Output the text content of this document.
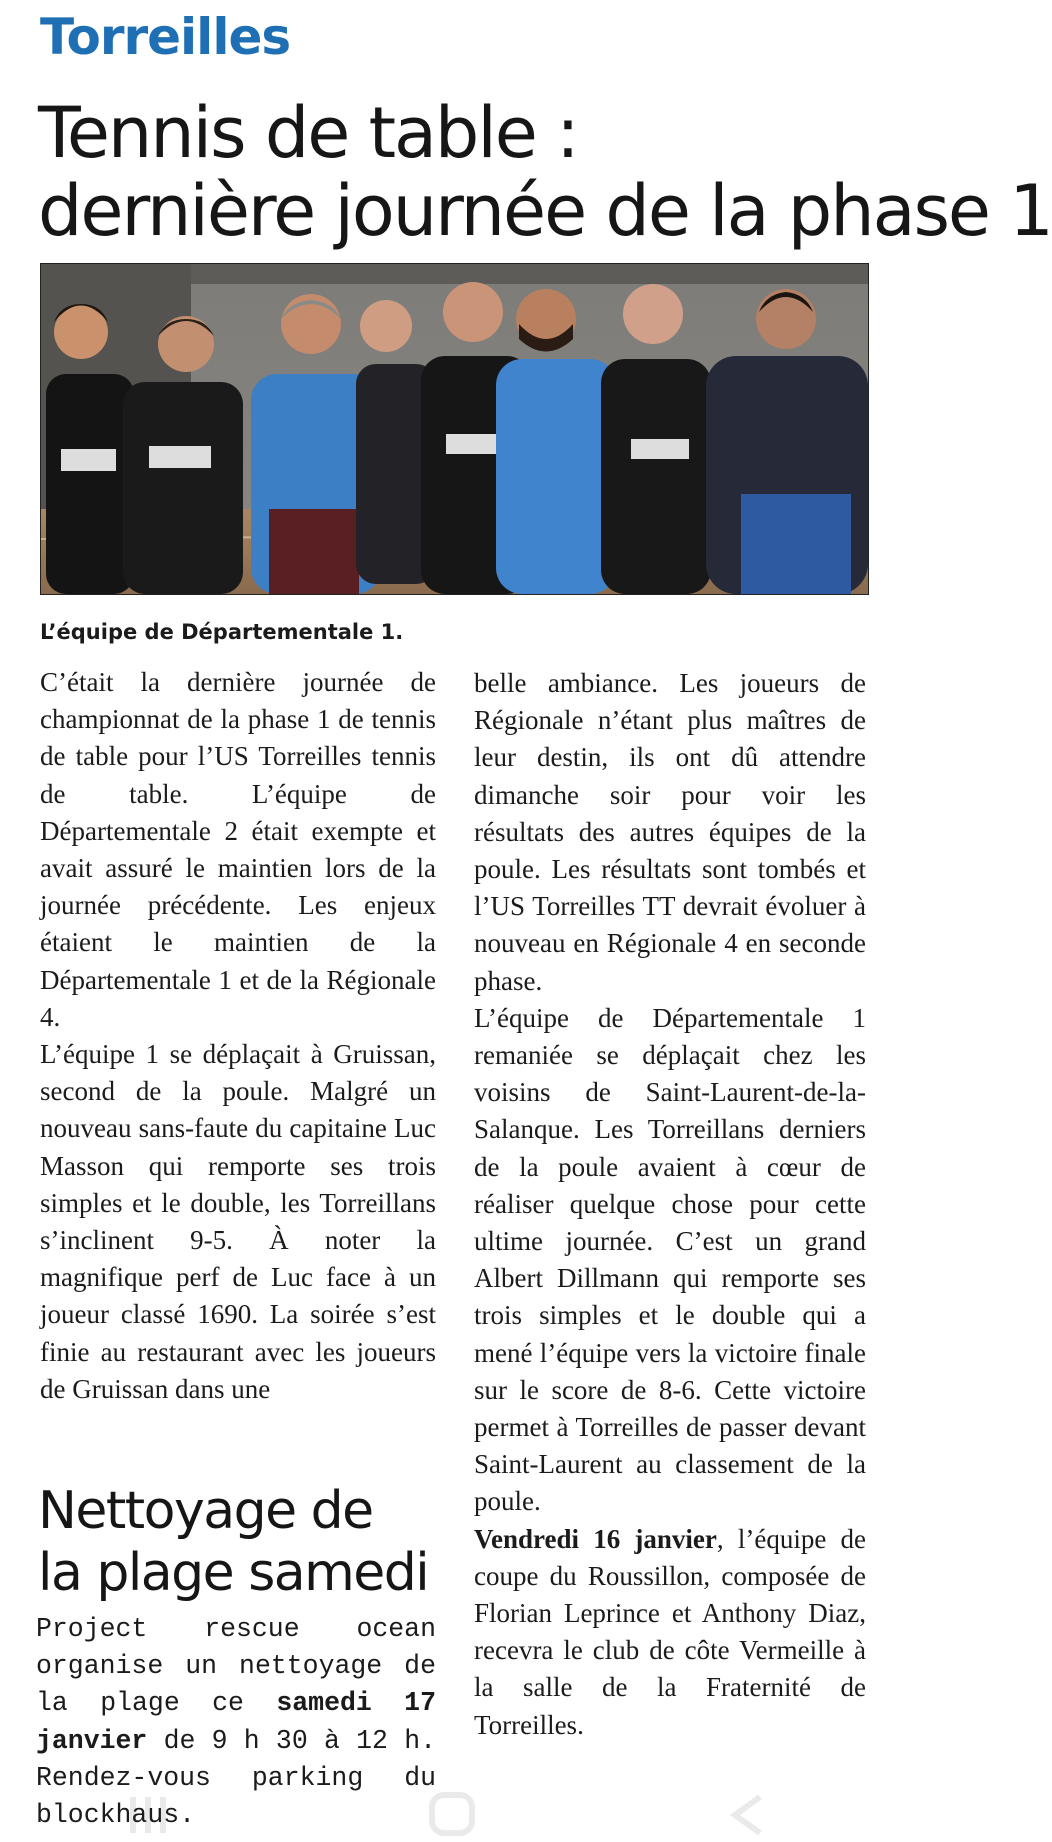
Torreilles
Tennis de table :
dernière journée de la phase 1
L’équipe de Départementale 1.

C’était la dernière journée de championnat de la phase 1 de tennis de table pour l’US Torreilles tennis de table. L’équipe de Départementale 2 était exempte et avait assuré le maintien lors de la journée précédente. Les enjeux étaient le maintien de la Départementale 1 et de la Régionale 4.

L’équipe 1 se déplaçait à Gruissan, second de la poule. Malgré un nouveau sans-faute du capitaine Luc Masson qui remporte ses trois simples et le double, les Torreillans s’inclinent 9-5. À noter la magnifique perf de Luc face à un joueur classé 1690. La soirée s’est finie au restaurant avec les joueurs de Gruissan dans une

belle ambiance. Les joueurs de Régionale n’étant plus maîtres de leur destin, ils ont dû attendre dimanche soir pour voir les résultats des autres équipes de la poule. Les résultats sont tombés et l’US Torreilles TT devrait évoluer à nouveau en Régionale 4 en seconde phase.

L’équipe de Départementale 1 remaniée se déplaçait chez les voisins de Saint-Laurent-de-la-Salanque. Les Torreillans derniers de la poule avaient à cœur de réaliser quelque chose pour cette ultime journée. C’est un grand Albert Dillmann qui remporte ses trois simples et le double qui a mené l’équipe vers la victoire finale sur le score de 8-6. Cette victoire permet à Torreilles de passer devant Saint-Laurent au classement de la poule.

Vendredi 16 janvier, l’équipe de coupe du Roussillon, composée de Florian Leprince et Anthony Diaz, recevra le club de côte Vermeille à la salle de la Fraternité de Torreilles.

Nettoyage de
la plage samedi

Project rescue ocean organise un nettoyage de la plage ce samedi 17 janvier de 9 h 30 à 12 h. Rendez-vous parking du blockhaus.
